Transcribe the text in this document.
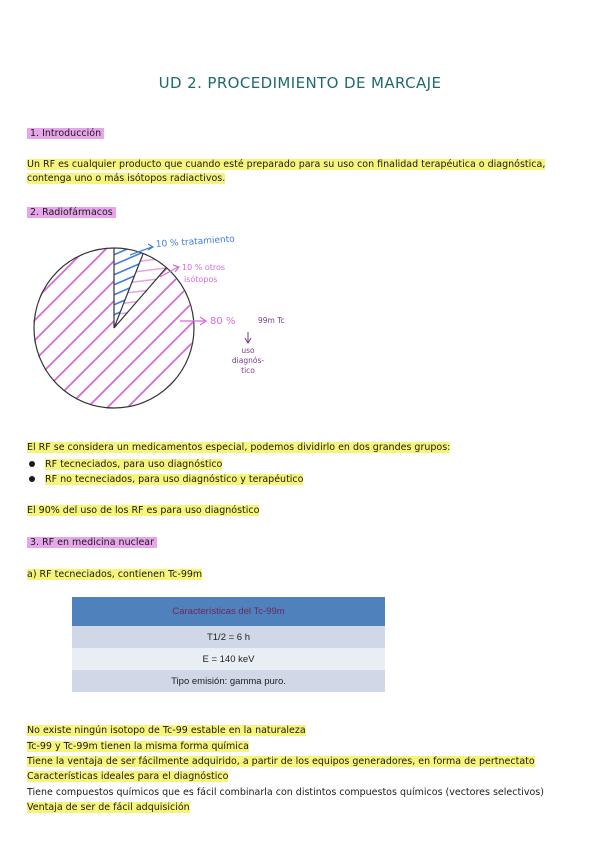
UD 2. PROCEDIMIENTO DE MARCAJE
1. Introducción
Un RF es cualquier producto que cuando esté preparado para su uso con finalidad terapéutica o diagnóstica,
contenga uno o más isótopos radiactivos.
2. Radiofármacos
10 % tratamiento
10 % otros
isótopos
80 %	99m Tc
uso
diagnós-
tico
El RF se considera un medicamentos especial, podemos dividirlo en dos grandes grupos:
RF tecneciados, para uso diagnóstico
RF no tecneciados, para uso diagnóstico y terapéutico
El 90% del uso de los RF es para uso diagnóstico
3. RF en medicina nuclear
a) RF tecneciados, contienen Tc-99m
Características del Tc-99m
T1/2 = 6 h
E = 140 keV
Tipo emisión: gamma puro.
No existe ningún isotopo de Tc-99 estable en la naturaleza
Tc-99 y Tc-99m tienen la misma forma química
Tiene la ventaja de ser fácilmente adquirido, a partir de los equipos generadores, en forma de pertnectato
Características ideales para el diagnóstico
Tiene compuestos químicos que es fácil combinarla con distintos compuestos químicos (vectores selectivos)
Ventaja de ser de fácil adquisición
